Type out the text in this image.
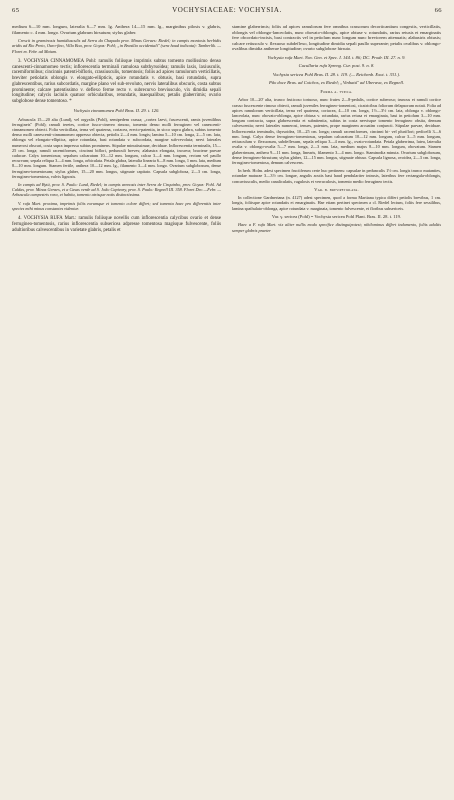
65	VOCHYSIACEAE: VOCHYSIA.	66

medium 6—10 mm. longum, lateralia 6—7 mm. lg. Anthera 14—15 mm. lg., marginibus pilosis v. glabris, filamento c. 4 mm. longo. Ovarium glabrum hirsutum; stylus glaber.

Crescit in graminosis humidiusculis ad Serra da Chapada prov. Minas Geraes: Riedel; in campis montosis herbidis aridis ad Rio Preto, Ouro-fino, Villa Boa, prov. Goyaz: Pohl; „in Brasilia occidentali" (sera haud indicata): Tamberlik. — Floret m. Febr. ad Maium.

3. VOCHYSIA CINNAMOMEA Pohl: ramulis foliisque imprimis subtus tomento mollissimo denso canescenti-cinnamomeo tectis; inflorescentia terminali ramulosa subthyrsoidea; ramulis laxis, laxiusculis, racemiformibus; cincinnis patenti-bifloris, crassiusculis, tomentosis; foliis ad apices ramulorum verticillatis, breviter petiolatis oblongis v. elongato-ellipticis, apice rotundatis v. obtusis, basi rotundatis, supra glabrescentibus, rarius subcordatis, margine plano vel sub-revoluto, nervis lateralibus obscuris, costa subtus prominente; calcare patentissimo v. deflexo ferme recto v. subrecurvo breviusculo, vix dimidia sepali longitudine; calycis laciniis quatuor orbicularibus, retundatis, inaequalibus; petalis glaberrimis; ovario subglobose dense tomentoso. *

Vochysia cinnamomea Pohl Bras. II. 29. t. 120.

Arbuscula 15—20 alta (Lund), vel orgyalis (Pohl), semipedem crassa; „cortex laevi, fuscescenti, ramis juvenilibus ferrugineis" (Pohl); ramuli teretes, cortice fusco-cinereo rimoso, tomento denso molli ferrugineo vel canescenti-cinnamomeo obtecti. Folia verticillata, terna vel quaterna, coriacea, erecto-patentia, in sicco supra glabra, subtus tomento denso molli canescenti-cinnamomeo appresso obtecta, petiolis 2—4 mm. longis; lamina 5—10 cm. longa, 2—5 cm. lata, oblonga vel elongato-elliptica, apice rotundata, basi rotundata v. subcordata, margine sub-revoluta; nervi laterales numerosi obscuri, costa supra impressa subtus prominens. Stipulae minutissimae, deciduae. Inflorescentia terminalis, 15—25 cm. longa; ramuli racemiformes, cincinni biflori, pedunculi breves; alabastra elongata, incurva; bracteae parvae caducae. Calyx tomentosus; sepalum calcaratum 10—12 mm. longum, calcar 3—4 mm. longum, rectum vel paullo recurvum; sepala reliqua 3—4 mm. longa, orbiculata. Petala glabra, lateralia linearia 6—8 mm. longa, 1 mm. lata, medium 8—10 mm. longum. Stamen fertile, anthera 10—12 mm. lg., filamento 3—4 mm. longo. Ovarium subglobosum, dense ferrugineo-tomentosum; stylus glaber, 15—20 mm. longus, stigmate capitato. Capsula subglobosa, 2—3 cm. longa, ferrugineo-tomentosa, valvis lignosis.

In campis ad Bytú, prov. S. Paulo: Lund, Riedel; in campis arenosis inter Serra de Cirquinho, prov. Goyaz: Pohl. Ad Caldas, prov. Minas Geraes, et a Casas verde ad S. João Capivary, prov. S. Paulo: Regnell III. 358. Floret Dec.—Febr. — Arbuscula campestris rara, et habitu, tomento atrisque notis distinctissima.

V. rufa Mart. proxima, imprimis foliis eorumque et tomento colore differt; sed tomenta haec pro differentiis inter species mihi minus constantes videntur.

4. VOCHYSIA RUFA Mart.: ramulis foliisque novellis cum inflorescentia calycibus ovario et dense ferrugineo-tomentosis, rarius inflorescentia subsericea adpresse tomentosa magisque fulvescente, foliis adultioribus calvescentibus in varietate glabris, petalis et

stamine glaberrimis; foliis ad apices ramulorum fere omnibus crassorum decorticantium congestis, verticillatis, oblongis vel oblongo-lanceolatis, nunc obovato-oblongis, apice obtuse v. rotundatis, rarius retusis et emarginatis fere obcordato-incisis, basi contractis vel in petiolum nunc longum nunc breviorem attenuatis; alabastris obtusis; calcare retiusculo v. flexuoso subdeflexo, longitudine dimidia sepali paullo superante; petalis ovalibus v. oblongo-ovalibus dimidia antherae longitudine; ovario subglobose hirsuto.

Vochysia rufa Mart. Nov. Gen. et Spec. I. 144. t. 86; DC. Prodr. III. 27. n. 9.

Cucullaria rufa Spreng. Cur. post. 9. n. 8.

Vochysia sericea Pohl Bras. II. 28. t. 119. (— Reichenb. Exot. t. 331.).

Pão doce Bras. ad Coichos, ex Riedel; „Vinhatú" ad Uberava, ex Regnell.

Forma α. typica.

Arbor 10—20' alta, trunco fruticoso tortuoso, nunc frutex 2—8-pedalis, cortice suberoso; truncus et ramuli cortice crasso fuscescente rimoso obtecti, ramuli juveniles ferrugineo-tomentosi, cicatricibus foliorum delapsorum notati. Folia ad apices ramulorum verticillata, terna vel quaterna, coriacea, 4—10 cm. longa, 1½—3½ cm. lata, oblonga v. oblongo-lanceolata, nunc obovato-oblonga, apice obtusa v. rotundata, rarius retusa et emarginata, basi in petiolum 3—10 mm. longum contracta, supra glabrescentia et subnitentia, subtus in costa nervisque tomento ferrugineo obsita, demum calvescentia; nervi laterales numerosi, tenues, patentes, prope marginem arcuatim conjuncti. Stipulae parvae, deciduae. Inflorescentia terminalis, thyrsoidea, 10—25 cm. longa; ramuli racemiformes, cincinni bi- vel pluriflori; pedicelli 3—6 mm. longi. Calyx dense ferrugineo-tomentosus, sepalum calcaratum 10—12 mm. longum, calcar 3—5 mm. longum, retiusculum v. flexuosum, subdeflexum, sepala reliqua 3—4 mm. lg., ovato-rotundata. Petala glaberrima, lutea, lateralia ovalia v. oblongo-ovalia 5—7 mm. longa, 2—3 mm. lata, medium majus 8—10 mm. longum, obovatum. Stamen glaberrimum, anthera 9—11 mm. longa, linearis, filamento 3—4 mm. longo. Staminodia minuta. Ovarium subglobosum, dense ferrugineo-hirsutum; stylus glaber, 12—15 mm. longus, stigmate obtuso. Capsula lignosa, ovoidea, 2—3 cm. longa, ferrugineo-tomentosa, demum calvescens.

In herb. Holm. adest specimen fructiferum certe huc pertinens: capsulae in pedunculis 1½ cm. longis trunco mutanties, rotundae maturae 3—3½ cm. longae, angulis acutis basi haud pendulariter intrusis, lateribus fere rectangula-oblongis, concaviusculis, medio canaliculatis, rugulosis et verruculosis, tomento medio ferrugineo tectis.

Var. β. brevipetiolata.

In collectione Gardneriana (n. 4127) adest specimen, quod a forma Martiana typica differt petiolis brevibus, 1 cm. longis, foliisque apice rotundatis et emarginatis. Hae etiam pertinet specimen a cl. Riedel lectum, foliis fere sessilibus, lamina spathulato-oblonga, apice rotundata v. marginata, tomento fulvescente, et floribus subsericeis.

Var. γ. sericea (Pohl) = Vochysia sericea Pohl Plant. Bras. II. 28. t. 119.

Haec a F. rufa Mart. vix aliter nullis modo specifice distinguipotest; nihilominus differt indumento, foliis adultis semper glabris praeter
